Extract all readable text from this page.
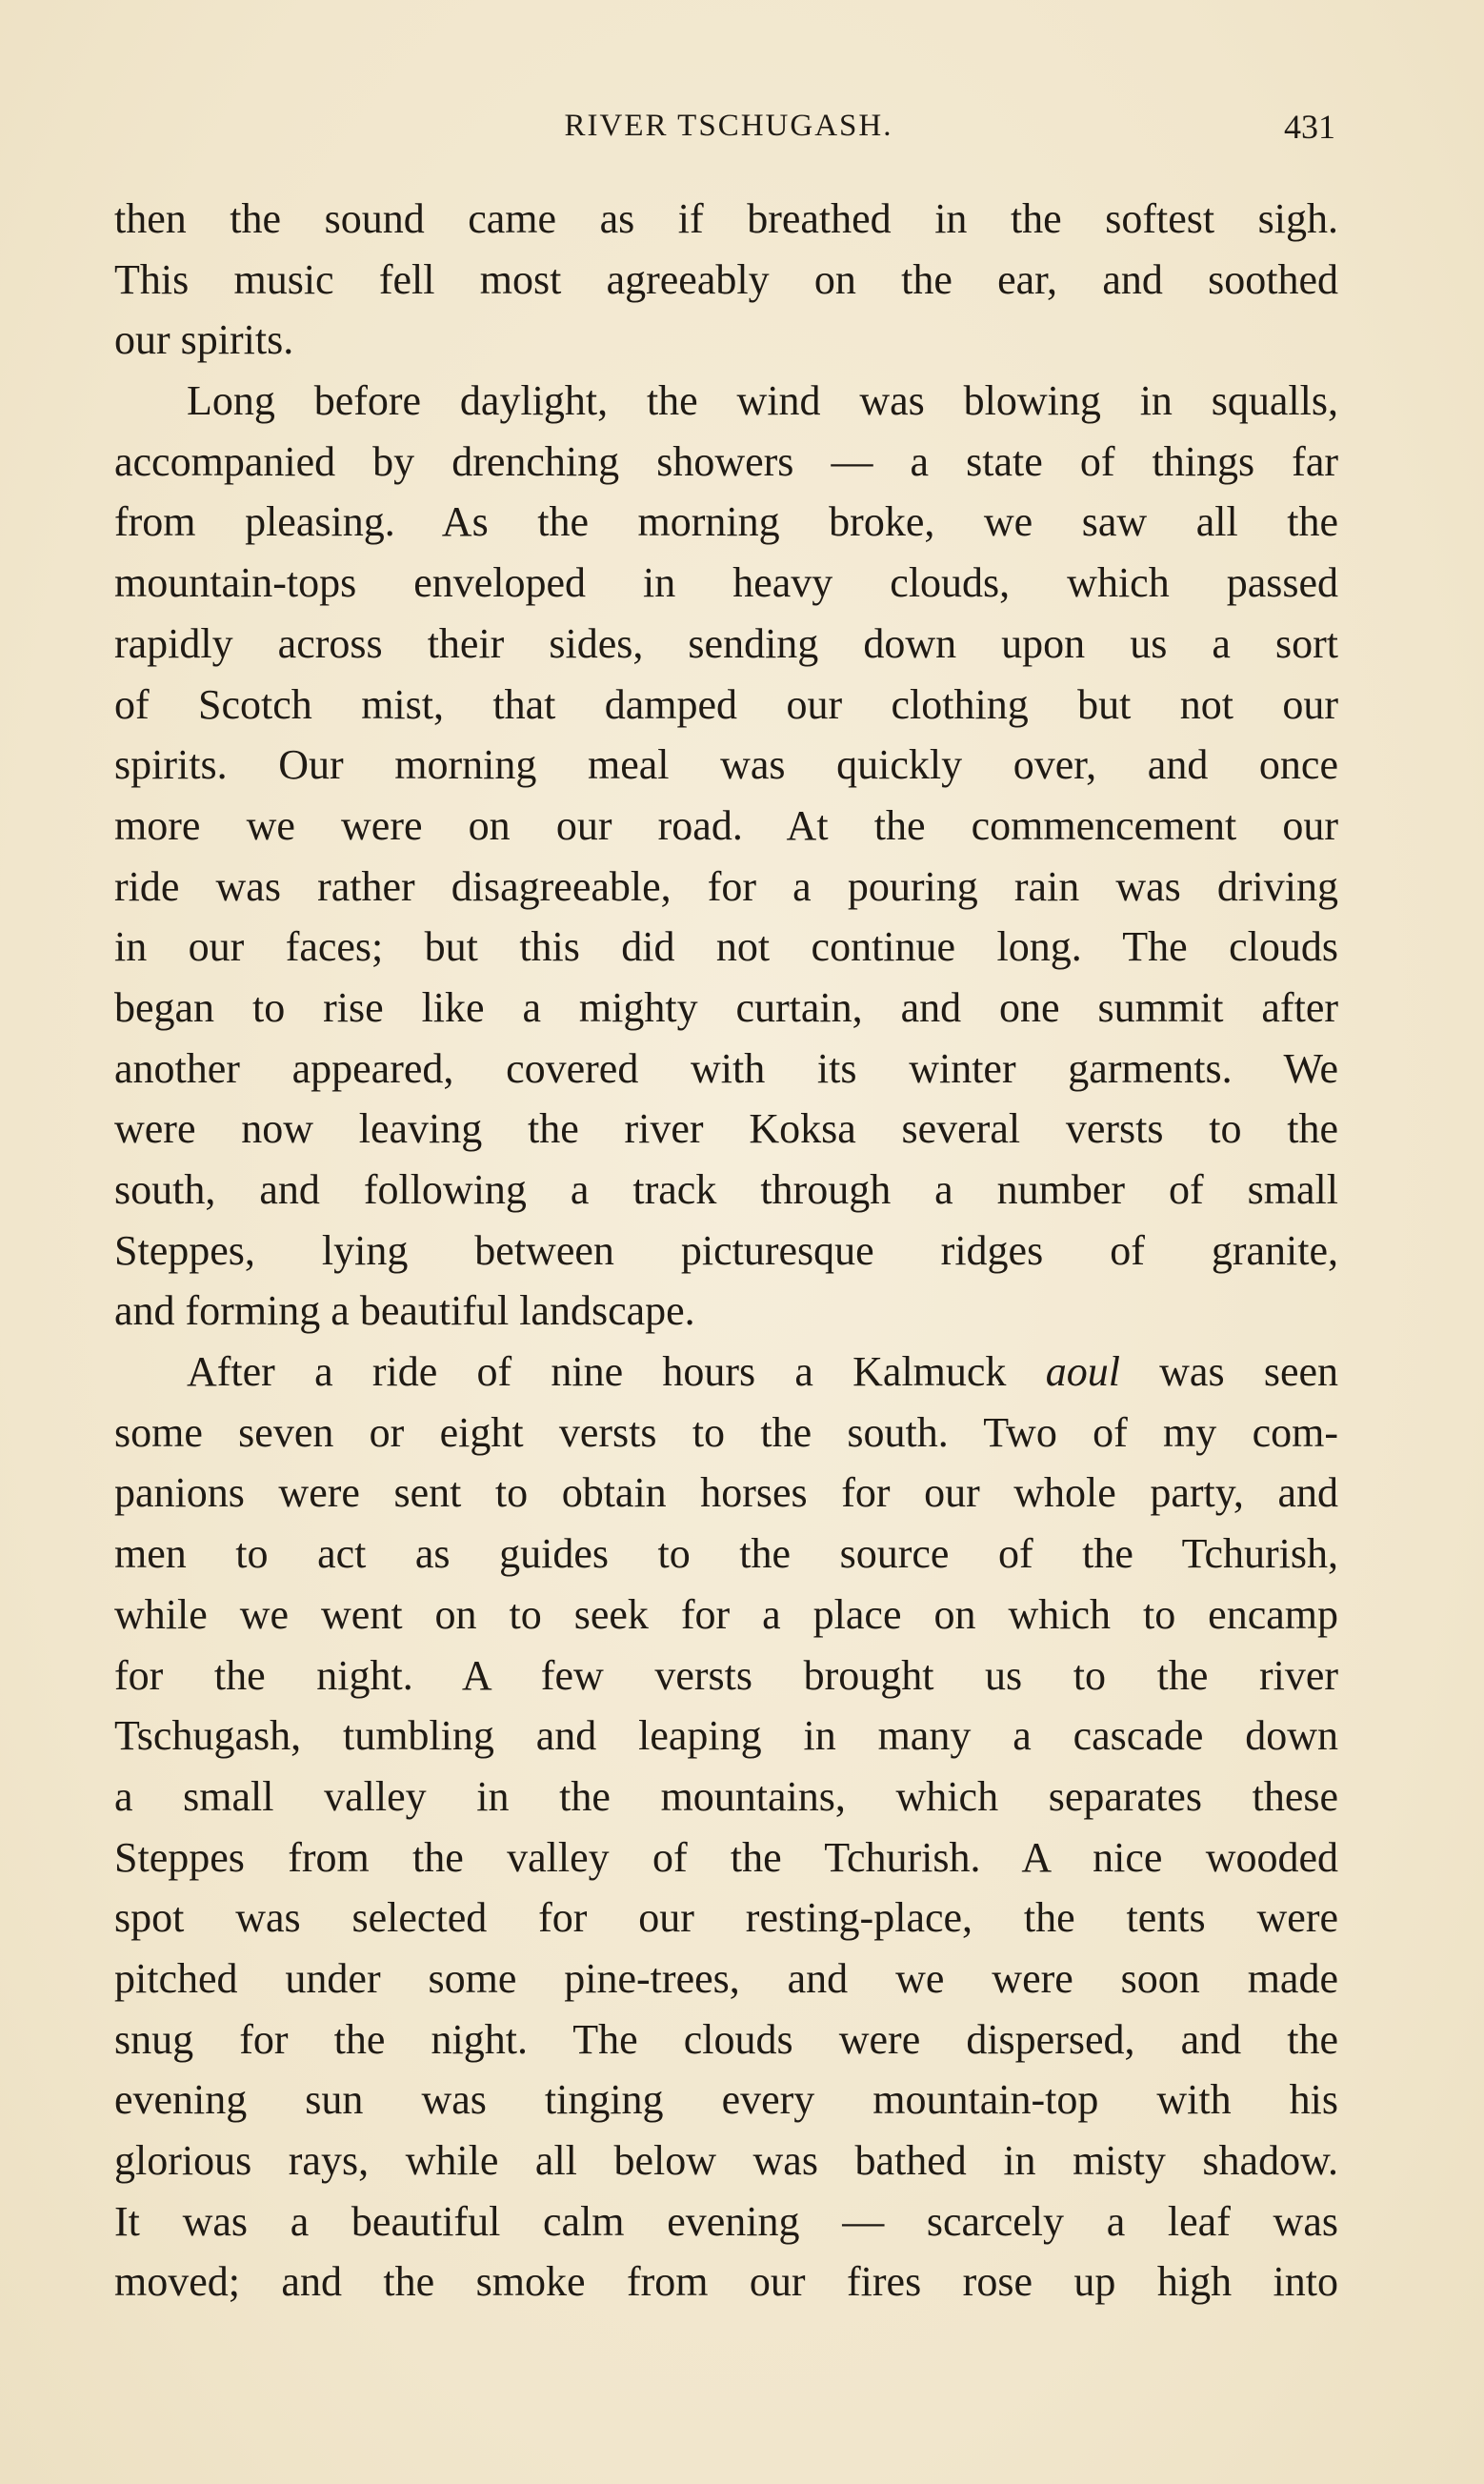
RIVER TSCHUGASH.	431
then the sound came as if breathed in the softest sigh.
This music fell most agreeably on the ear, and soothed
our spirits.
Long before daylight, the wind was blowing in squalls,
accompanied by drenching showers — a state of things far
from pleasing. As the morning broke, we saw all the
mountain-tops enveloped in heavy clouds, which passed
rapidly across their sides, sending down upon us a sort
of Scotch mist, that damped our clothing but not our
spirits. Our morning meal was quickly over, and once
more we were on our road. At the commencement our
ride was rather disagreeable, for a pouring rain was driving
in our faces; but this did not continue long. The clouds
began to rise like a mighty curtain, and one summit after
another appeared, covered with its winter garments. We
were now leaving the river Koksa several versts to the
south, and following a track through a number of small
Steppes, lying between picturesque ridges of granite,
and forming a beautiful landscape.
After a ride of nine hours a Kalmuck aoul was seen
some seven or eight versts to the south. Two of my com-
panions were sent to obtain horses for our whole party, and
men to act as guides to the source of the Tchurish,
while we went on to seek for a place on which to encamp
for the night. A few versts brought us to the river
Tschugash, tumbling and leaping in many a cascade down
a small valley in the mountains, which separates these
Steppes from the valley of the Tchurish. A nice wooded
spot was selected for our resting-place, the tents were
pitched under some pine-trees, and we were soon made
snug for the night. The clouds were dispersed, and the
evening sun was tinging every mountain-top with his
glorious rays, while all below was bathed in misty shadow.
It was a beautiful calm evening — scarcely a leaf was
moved; and the smoke from our fires rose up high into
